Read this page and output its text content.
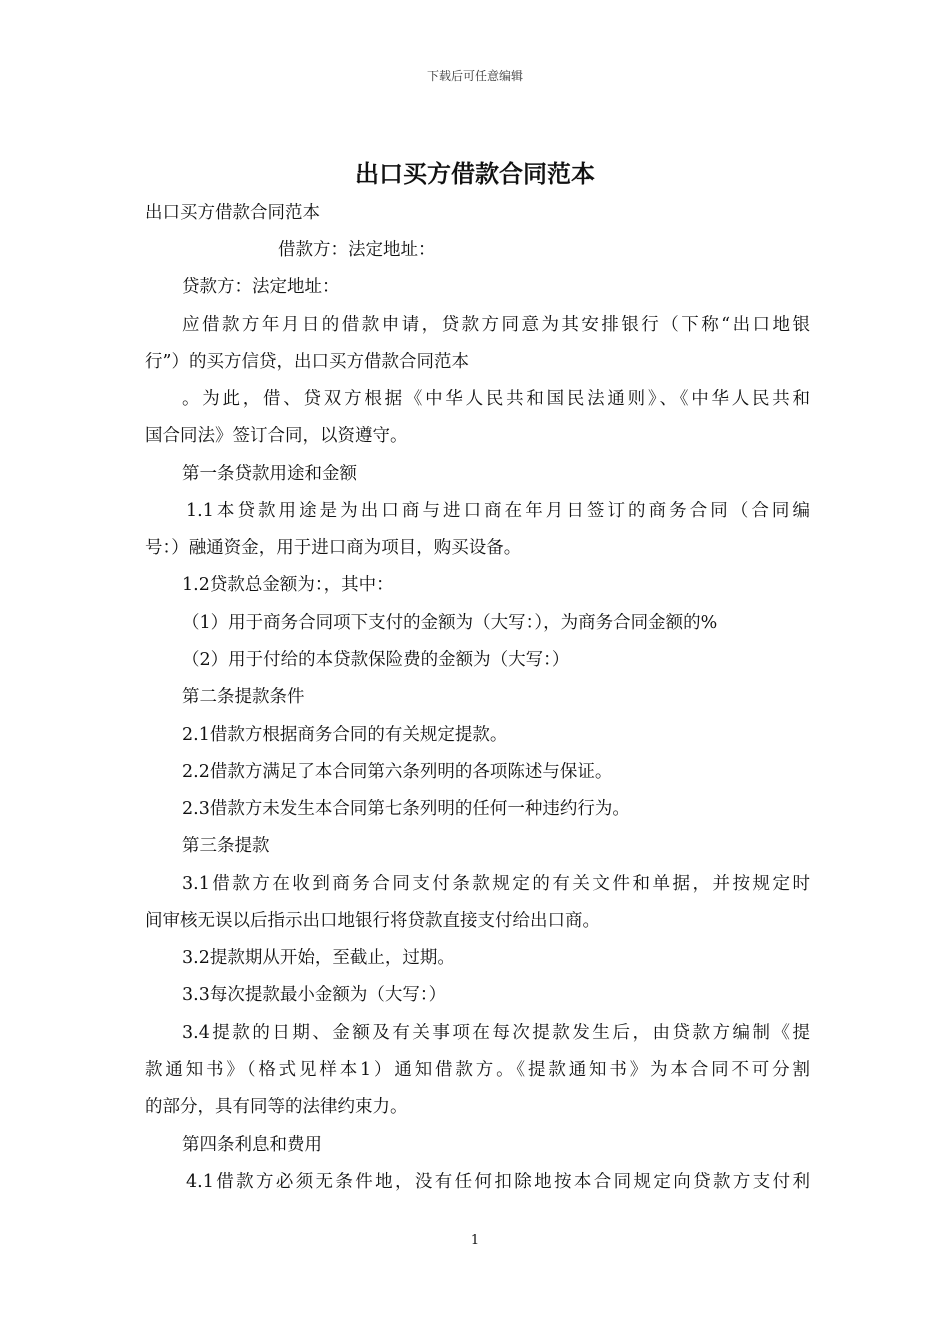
下载后可任意编辑
出口买方借款合同范本
出口买方借款合同范本
借款方：法定地址：
贷款方：法定地址：
应借款方年月日的借款申请，贷款方同意为其安排银行（下称“出口地银
行”）的买方信贷，出口买方借款合同范本
。为此，借、贷双方根据《中华人民共和国民法通则》、《中华人民共和
国合同法》签订合同，以资遵守。
第一条贷款用途和金额
1.1本贷款用途是为出口商与进口商在年月日签订的商务合同（合同编
号：）融通资金，用于进口商为项目，购买设备。
1.2贷款总金额为：，其中：
（1）用于商务合同项下支付的金额为（大写：），为商务合同金额的%
（2）用于付给的本贷款保险费的金额为（大写：）
第二条提款条件
2.1借款方根据商务合同的有关规定提款。
2.2借款方满足了本合同第六条列明的各项陈述与保证。
2.3借款方未发生本合同第七条列明的任何一种违约行为。
第三条提款
3.1借款方在收到商务合同支付条款规定的有关文件和单据，并按规定时
间审核无误以后指示出口地银行将贷款直接支付给出口商。
3.2提款期从开始，至截止，过期。
3.3每次提款最小金额为（大写：）
3.4提款的日期、金额及有关事项在每次提款发生后，由贷款方编制《提
款通知书》（格式见样本1）通知借款方。《提款通知书》为本合同不可分割
的部分，具有同等的法律约束力。
第四条利息和费用
4.1借款方必须无条件地，没有任何扣除地按本合同规定向贷款方支付利
1
